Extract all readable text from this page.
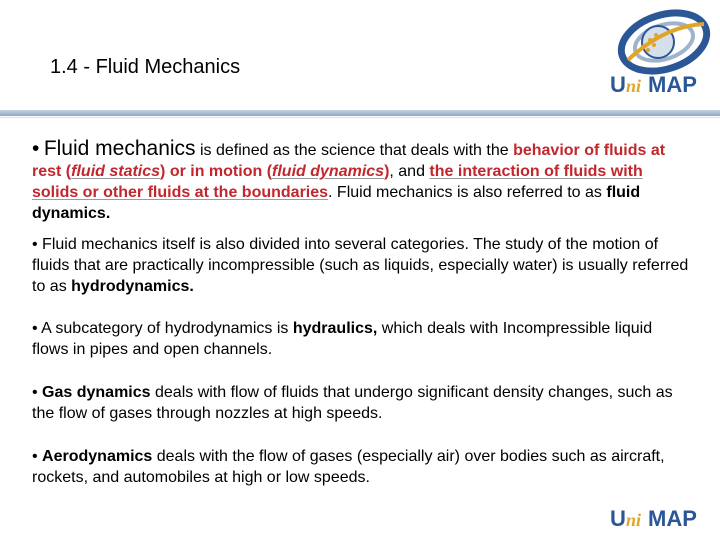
1.4 - Fluid Mechanics
U ni MAP

• Fluid mechanics is defined as the science that deals with the behavior of fluids at rest (fluid statics) or in motion (fluid dynamics), and the interaction of fluids with solids or other fluids at the boundaries. Fluid mechanics is also referred to as fluid dynamics.

• Fluid mechanics itself is also divided into several categories. The study of the motion of fluids that are practically incompressible (such as liquids, especially water) is usually referred to as hydrodynamics.

• A subcategory of hydrodynamics is hydraulics, which deals with Incompressible liquid flows in pipes and open channels.

• Gas dynamics deals with flow of fluids that undergo significant density changes, such as the flow of gases through nozzles at high speeds.

• Aerodynamics deals with the flow of gases (especially air) over bodies such as aircraft, rockets, and automobiles at high or low speeds.

U ni MAP
